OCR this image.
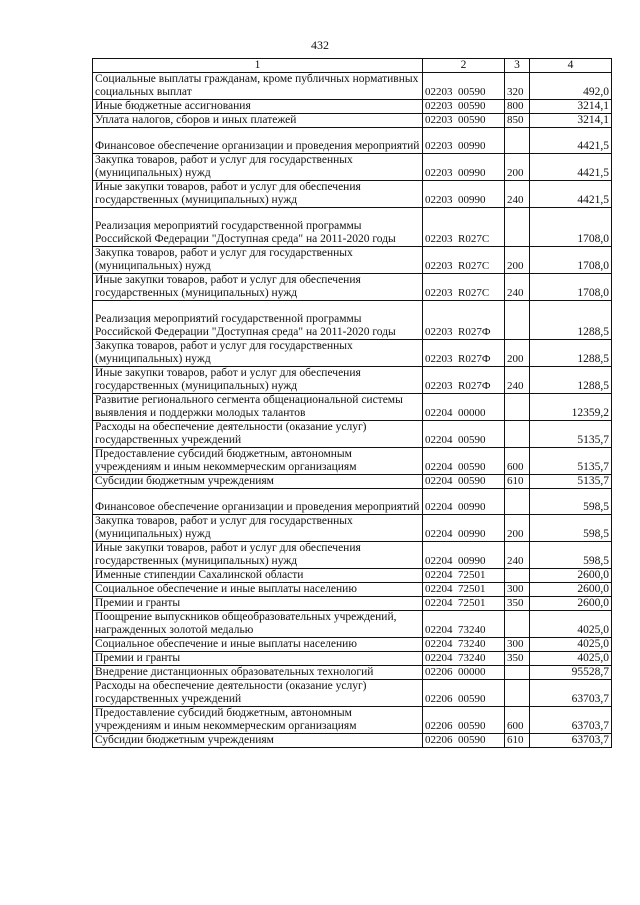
432
1	2	3	4
Социальные выплаты гражданам, кроме публичных нормативных социальных выплат	02203  00590	320	492,0
Иные бюджетные ассигнования	02203  00590	800	3214,1
Уплата налогов, сборов и иных платежей	02203  00590	850	3214,1
Финансовое обеспечение организации и проведения мероприятий	02203  00990		4421,5
Закупка товаров, работ и услуг для государственных (муниципальных) нужд	02203  00990	200	4421,5
Иные закупки товаров, работ и услуг для обеспечения государственных (муниципальных) нужд	02203  00990	240	4421,5
Реализация мероприятий государственной программы Российской Федерации "Доступная среда" на 2011-2020 годы	02203  R027С		1708,0
Закупка товаров, работ и услуг для государственных (муниципальных) нужд	02203  R027С	200	1708,0
Иные закупки товаров, работ и услуг для обеспечения государственных (муниципальных) нужд	02203  R027С	240	1708,0
Реализация мероприятий государственной программы Российской Федерации "Доступная среда" на 2011-2020 годы	02203  R027Ф		1288,5
Закупка товаров, работ и услуг для государственных (муниципальных) нужд	02203  R027Ф	200	1288,5
Иные закупки товаров, работ и услуг для обеспечения государственных (муниципальных) нужд	02203  R027Ф	240	1288,5
Развитие регионального сегмента общенациональной системы выявления и поддержки молодых талантов	02204  00000		12359,2
Расходы на обеспечение деятельности (оказание услуг) государственных учреждений	02204  00590		5135,7
Предоставление субсидий бюджетным, автономным учреждениям и иным некоммерческим организациям	02204  00590	600	5135,7
Субсидии бюджетным учреждениям	02204  00590	610	5135,7
Финансовое обеспечение организации и проведения мероприятий	02204  00990		598,5
Закупка товаров, работ и услуг для государственных (муниципальных) нужд	02204  00990	200	598,5
Иные закупки товаров, работ и услуг для обеспечения государственных (муниципальных) нужд	02204  00990	240	598,5
Именные стипендии Сахалинской области	02204  72501		2600,0
Социальное обеспечение и иные выплаты населению	02204  72501	300	2600,0
Премии и гранты	02204  72501	350	2600,0
Поощрение выпускников общеобразовательных учреждений, награжденных золотой медалью	02204  73240		4025,0
Социальное обеспечение и иные выплаты населению	02204  73240	300	4025,0
Премии и гранты	02204  73240	350	4025,0
Внедрение дистанционных образовательных технологий	02206  00000		95528,7
Расходы на обеспечение деятельности (оказание услуг) государственных учреждений	02206  00590		63703,7
Предоставление субсидий бюджетным, автономным учреждениям и иным некоммерческим организациям	02206  00590	600	63703,7
Субсидии бюджетным учреждениям	02206  00590	610	63703,7
